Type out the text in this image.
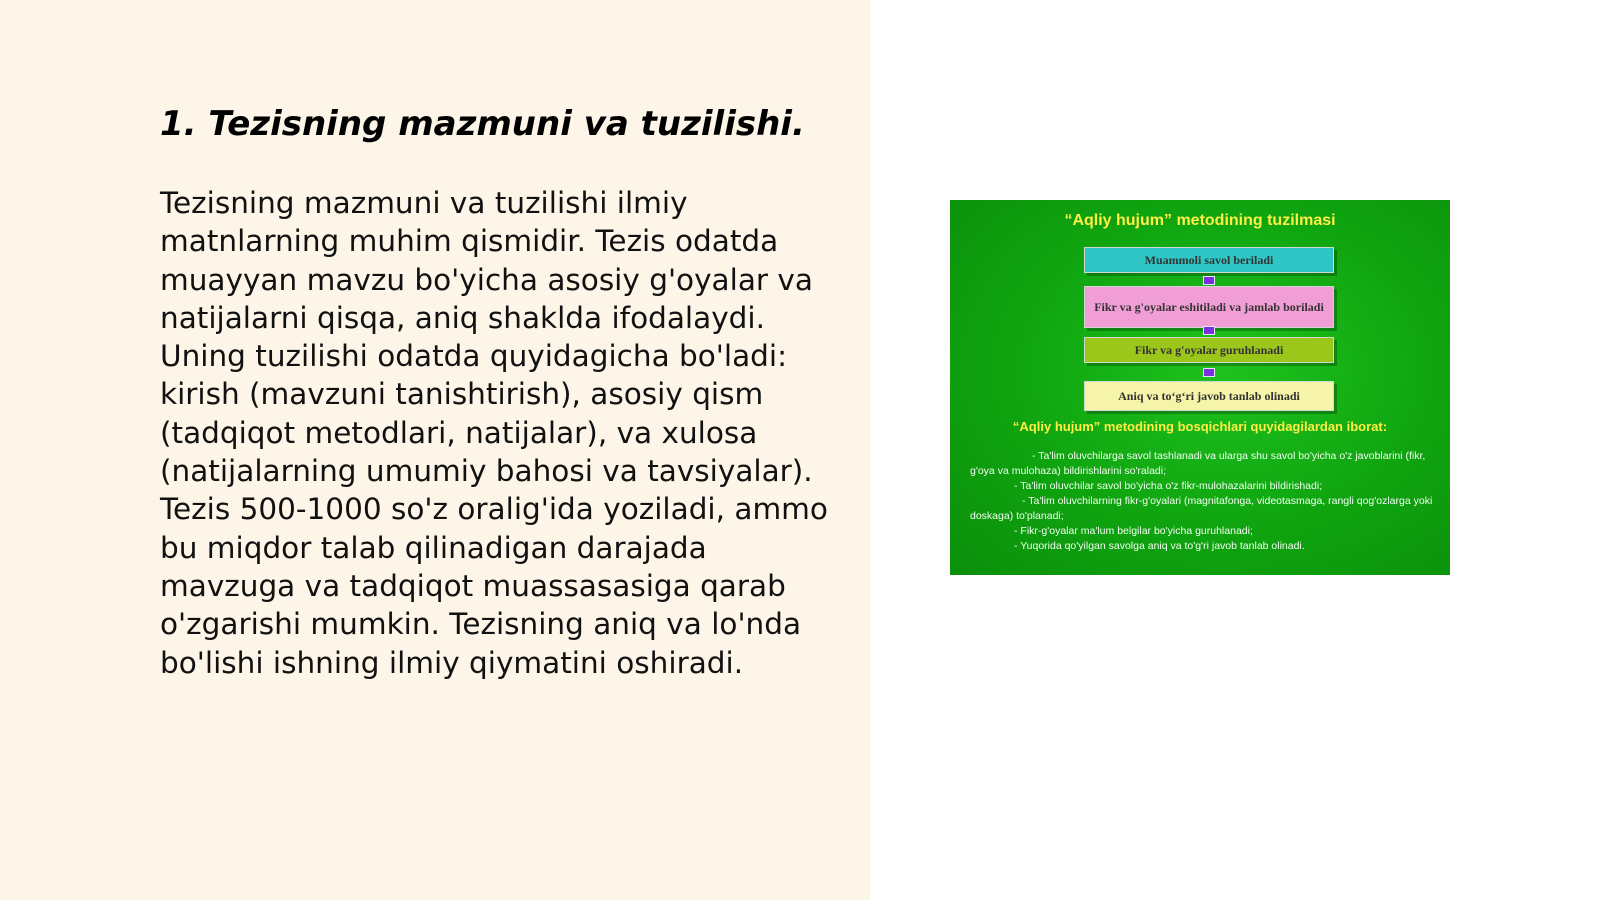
1. Tezisning mazmuni va tuzilishi.

Tezisning mazmuni va tuzilishi ilmiy matnlarning muhim qismidir. Tezis odatda muayyan mavzu bo'yicha asosiy g'oyalar va natijalarni qisqa, aniq shaklda ifodalaydi. Uning tuzilishi odatda quyidagicha bo'ladi: kirish (mavzuni tanishtirish), asosiy qism (tadqiqot metodlari, natijalar), va xulosa (natijalarning umumiy bahosi va tavsiyalar). Tezis 500-1000 so'z oralig'ida yoziladi, ammo bu miqdor talab qilinadigan darajada mavzuga va tadqiqot muassasasiga qarab o'zgarishi mumkin. Tezisning aniq va lo'nda bo'lishi ishning ilmiy qiymatini oshiradi.

“Aqliy hujum” metodining tuzilmasi
Muammoli savol beriladi
Fikr va g'oyalar eshitiladi va jamlab boriladi
Fikr va g'oyalar guruhlanadi
Aniq va to‘g‘ri javob tanlab olinadi
“Aqliy hujum” metodining bosqichlari quyidagilardan iborat:
- Ta'lim oluvchilarga savol tashlanadi va ularga shu savol bo'yicha o'z javoblarini (fikr, g'oya va mulohaza) bildirishlarini so'raladi;
- Ta'lim oluvchilar savol bo'yicha o'z fikr-mulohazalarini bildirishadi;
- Ta'lim oluvchilarning fikr-g'oyalari (magnitafonga, videotasmaga, rangli qog'ozlarga yoki doskaga) to'planadi;
- Fikr-g'oyalar ma'lum belgilar bo'yicha guruhlanadi;
- Yuqorida qo'yilgan savolga aniq va to'g'ri javob tanlab olinadi.
